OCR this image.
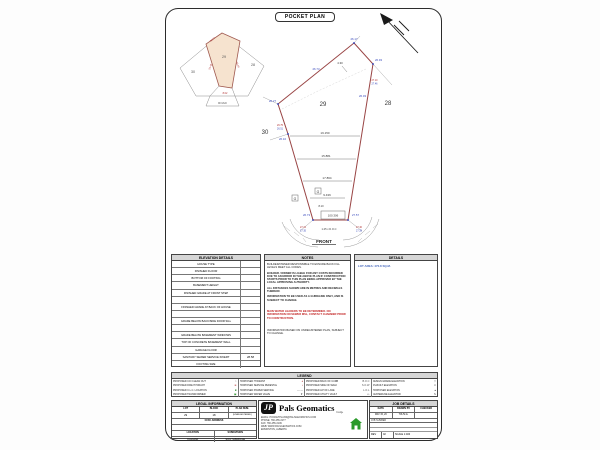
29
30
28
ROAD
8.02
24.48	30.18
36.57
19.150
15.881
17.864
9.436
8.10
G
G
100.306
1.25 x D.O.C
29	28
30
26.17
26.73
26.93
26.03
26.27
26.10
26.73	27.57
4.30
27.10
27.46
26.75
26.51
27.21
27.35
27.40
27.28
FRONT
POCKET PLAN
ELEVATION DETAILS
HOUSE TYPE
FINISHED FLOOR
BOTTOM OF FOOTING
BASEMENT HEIGHT
FINISHED GRADE AT FRONT STEP
FINISHED GRADE AT BACK OF HOUSE
GRADE BELOW BACK/SIDE DOOR SILL
GRADE BELOW BASEMENT WINDOWS
TOP OF CONCRETE BASEMENT WALL
GARAGE FLOOR
SANITARY SEWER SERVICE INVERT	28.58
FOOTING SIZE
NOTES
BUILDER/OWNER RESPONSIBLE TO ENSURE BACK FILL LEVELS MEET ALL CODES.
BUILDER / OWNER IS LIABLE FOR ANY COSTS INCURRED DUE TO AN ERROR IN THE ABOVE PLAN IF CONSTRUCTION STARTS PRIOR TO THIS PLAN BEING APPROVED BY THE LOCAL APPROVING AUTHORITY.
ALL DISTANCES SHOWN ARE IN METRES AND DECIMALS THEREOF.
INFORMATION TO BE USED AS A GUIDELINE ONLY, AND IS SUBJECT TO CHANGE.
MAIN WATER LEADERS TO BE DETERMINED. NO INFORMATION ON SEWER MSL, CONTACT CHAMBER PRIOR TO CONSTRUCTION.
INFORMATION BASED ON UNREGISTERED PLAN, SUBJECT TO CHANGE.
DETAILS
LOT AREA: 470.8 SQ.M.
LEGEND
PROPOSED C/O CLEAN OUT	○
PROPOSED FIRE HYDRANT	⊕
PROPOSED C.L.C. LOCATION	■
PROPOSED TRANSFORMER	▣
PROPOSED HYDRANT	♦
PROPOSED SERVICE PEDESTAL	▪
PROPOSED POWER SERVICE	—·—
PROPOSED WATER VALVE	▼
PROPOSED BACK OF CURB	B.O.C
PROPOSED SIDE OF WALK	S.O.W
PROPOSED LIP OF LANE	L.O.L
PROPOSED UTILITY VAULT	▭
DESIGN GRADE ELEVATION	▽
AS-BUILT ELEVATION	✕
PROPOSED ELEVATION	●
CENTERLINE ELEVATION	℄
LEGAL INFORMATION
LOT	BLOCK	PLAN NUM.
29	18	(UNREGISTERED)
CIVIC ADDRESS
LOCATION	SUBDIVISION
CALMAR	SOUTHBRIDGE
JP Pals Geomatics Corp.
EMAIL: POCKETPLANS@PALSGEOMATICS.COM
PHONE: 780-455-3177
FAX: 780-455-3109
WEB: WWW.PALSGEOMATICS.COM
EDMONTON, ALBERTA
JOB DETAILS
DATE	DRAWN BY	CHECKED
MAY 15, 20	T.B./M.G.
JOB NUMBER
REV	02	SCALE 1:400
